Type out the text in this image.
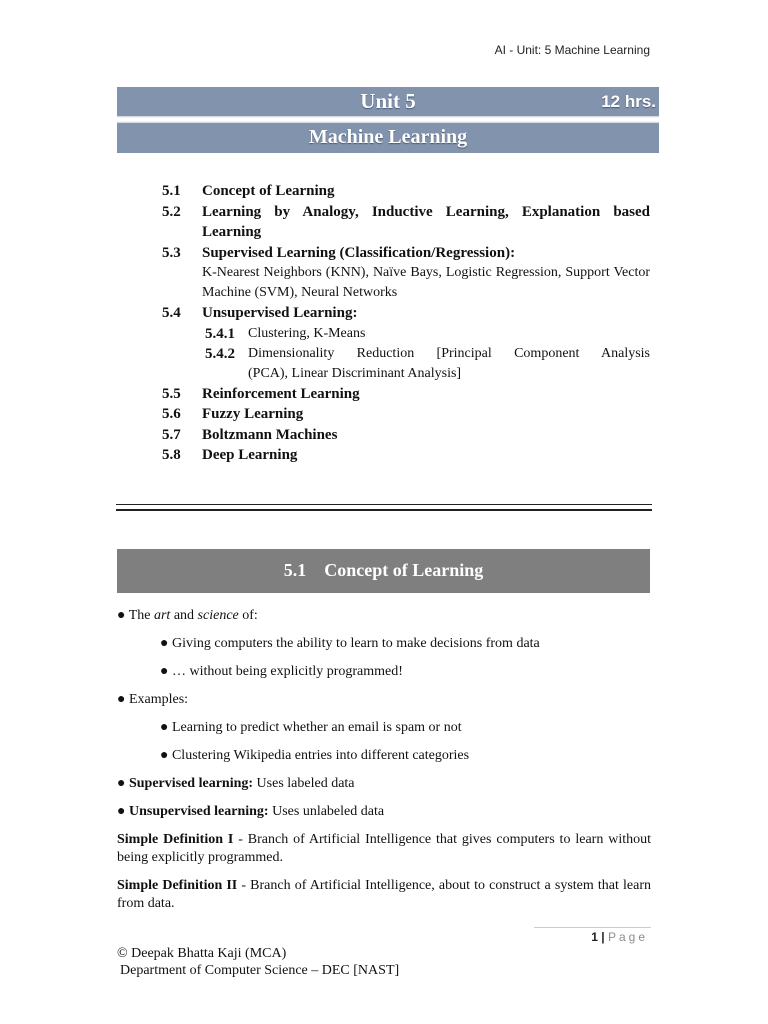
AI - Unit: 5 Machine Learning
Unit 5	12 hrs.
Machine Learning
5.1	Concept of Learning
5.2	Learning by Analogy, Inductive Learning, Explanation based Learning
5.3	Supervised Learning (Classification/Regression):
K-Nearest Neighbors (KNN), Naïve Bays, Logistic Regression, Support Vector Machine (SVM), Neural Networks
5.4	Unsupervised Learning:
5.4.1 Clustering, K-Means
5.4.2 Dimensionality Reduction [Principal Component Analysis
(PCA), Linear Discriminant Analysis]
5.5	Reinforcement Learning
5.6	Fuzzy Learning
5.7	Boltzmann Machines
5.8	Deep Learning
5.1    Concept of Learning
● The art and science of:
● Giving computers the ability to learn to make decisions from data
● … without being explicitly programmed!
● Examples:
● Learning to predict whether an email is spam or not
● Clustering Wikipedia entries into different categories
● Supervised learning: Uses labeled data
● Unsupervised learning: Uses unlabeled data
Simple Definition I - Branch of Artificial Intelligence that gives computers to learn without being explicitly programmed.
Simple Definition II - Branch of Artificial Intelligence, about to construct a system that learn from data.
1 | Page
© Deepak Bhatta Kaji (MCA)
Department of Computer Science – DEC [NAST]
